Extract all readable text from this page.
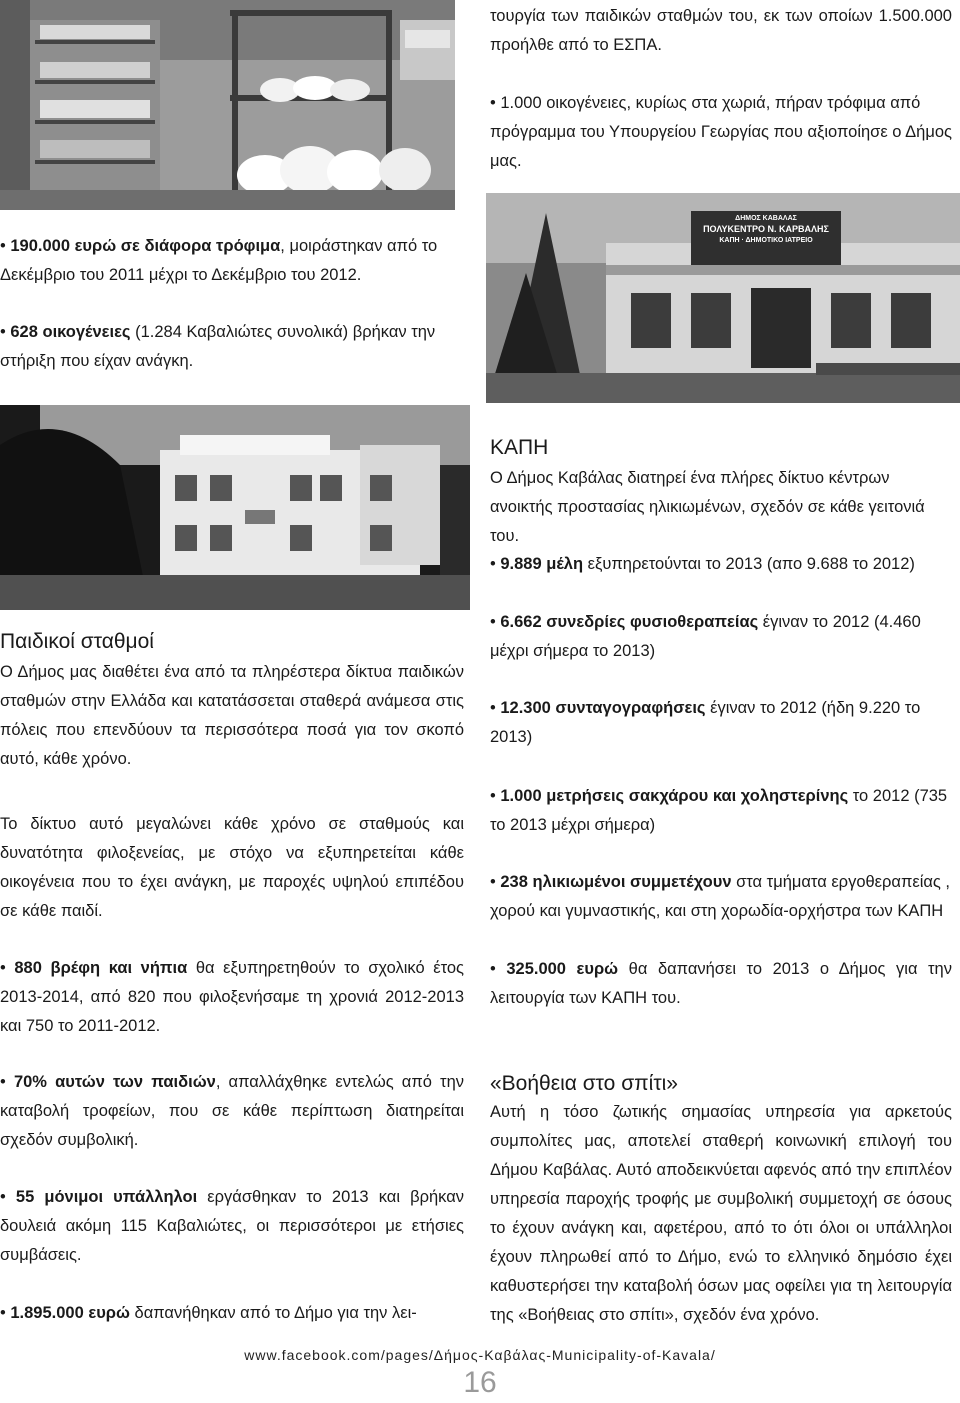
ΔΗΜΟΣ ΚΑΒΑΛΑΣ
ΠΟΛΥΚΕΝΤΡΟ Ν. ΚΑΡΒΑΛΗΣ
ΚΑΠΗ · ΔΗΜΟΤΙΚΟ ΙΑΤΡΕΙΟ
τουργία των παιδικών σταθμών του, εκ των οποίων 1.500.000 προήλθε από το ΕΣΠΑ.
• 1.000 οικογένειες, κυρίως στα χωριά, πήραν τρόφιμα από πρόγραμμα του Υπουργείου Γεωργίας που αξιοποίησε ο Δήμος μας.
• 190.000 ευρώ σε διάφορα τρόφιμα, μοιράστηκαν από το Δεκέμβριο του 2011 μέχρι το Δεκέμβριο του 2012.
• 628 οικογένειες (1.284 Καβαλιώτες συνολικά) βρήκαν την στήριξη που είχαν ανάγκη.
ΚΑΠΗ
Ο Δήμος Καβάλας διατηρεί ένα πλήρες δίκτυο κέντρων ανοικτής προστασίας ηλικιωμένων, σχεδόν σε κάθε γειτονιά του.
• 9.889 μέλη εξυπηρετούνται το 2013 (απο 9.688 το 2012)
• 6.662 συνεδρίες φυσιοθεραπείας έγιναν το 2012 (4.460 μέχρι σήμερα το 2013)
• 12.300 συνταγογραφήσεις έγιναν το 2012 (ήδη 9.220 το 2013)
• 1.000 μετρήσεις σακχάρου και χοληστερίνης το 2012 (735 το 2013 μέχρι σήμερα)
• 238 ηλικιωμένοι συμμετέχουν στα τμήματα εργοθεραπείας , χορού και γυμναστικής, και στη χορωδία-ορχήστρα των ΚΑΠΗ
• 325.000 ευρώ θα δαπανήσει το 2013 ο Δήμος για την λειτουργία των ΚΑΠΗ του.
Παιδικοί σταθμοί
Ο Δήμος μας διαθέτει ένα από τα πληρέστερα δίκτυα παιδικών σταθμών στην Ελλάδα και κατατάσσεται σταθερά ανάμεσα στις πόλεις που επενδύουν τα περισσότερα ποσά για τον σκοπό αυτό, κάθε χρόνο.
Το δίκτυο αυτό μεγαλώνει κάθε χρόνο σε σταθμούς και δυνατότητα φιλοξενείας, με στόχο να εξυπηρετείται κάθε οικογένεια που το έχει ανάγκη, με παροχές υψηλού επιπέδου σε κάθε παιδί.
• 880 βρέφη και νήπια θα εξυπηρετηθούν το σχολικό έτος 2013-2014, από 820 που φιλοξενήσαμε τη χρονιά 2012-2013 και 750 το 2011-2012.
• 70% αυτών των παιδιών, απαλλάχθηκε εντελώς από την καταβολή τροφείων, που σε κάθε περίπτωση διατηρείται σχεδόν συμβολική.
• 55 μόνιμοι υπάλληλοι εργάσθηκαν το 2013 και βρήκαν δουλειά ακόμη 115 Καβαλιώτες, οι περισσότεροι με ετήσιες συμβάσεις.
• 1.895.000 ευρώ δαπανήθηκαν από το Δήμο για την λει-
«Βοήθεια στο σπίτι»
Αυτή η τόσο ζωτικής σημασίας υπηρεσία για αρκετούς συμπολίτες μας, αποτελεί σταθερή κοινωνική επιλογή του Δήμου Καβάλας. Αυτό αποδεικνύεται αφενός από την επιπλέον υπηρεσία παροχής τροφής με συμβολική συμμετοχή σε όσους το έχουν ανάγκη και, αφετέρου, από το ότι όλοι οι υπάλληλοι έχουν πληρωθεί από το Δήμο, ενώ το ελληνικό δημόσιο έχει καθυστερήσει την καταβολή όσων μας οφείλει για τη λειτουργία της «Βοήθειας στο σπίτι», σχεδόν ένα χρόνο.
www.facebook.com/pages/Δήμος-Καβάλας-Municipality-of-Kavala/
16
